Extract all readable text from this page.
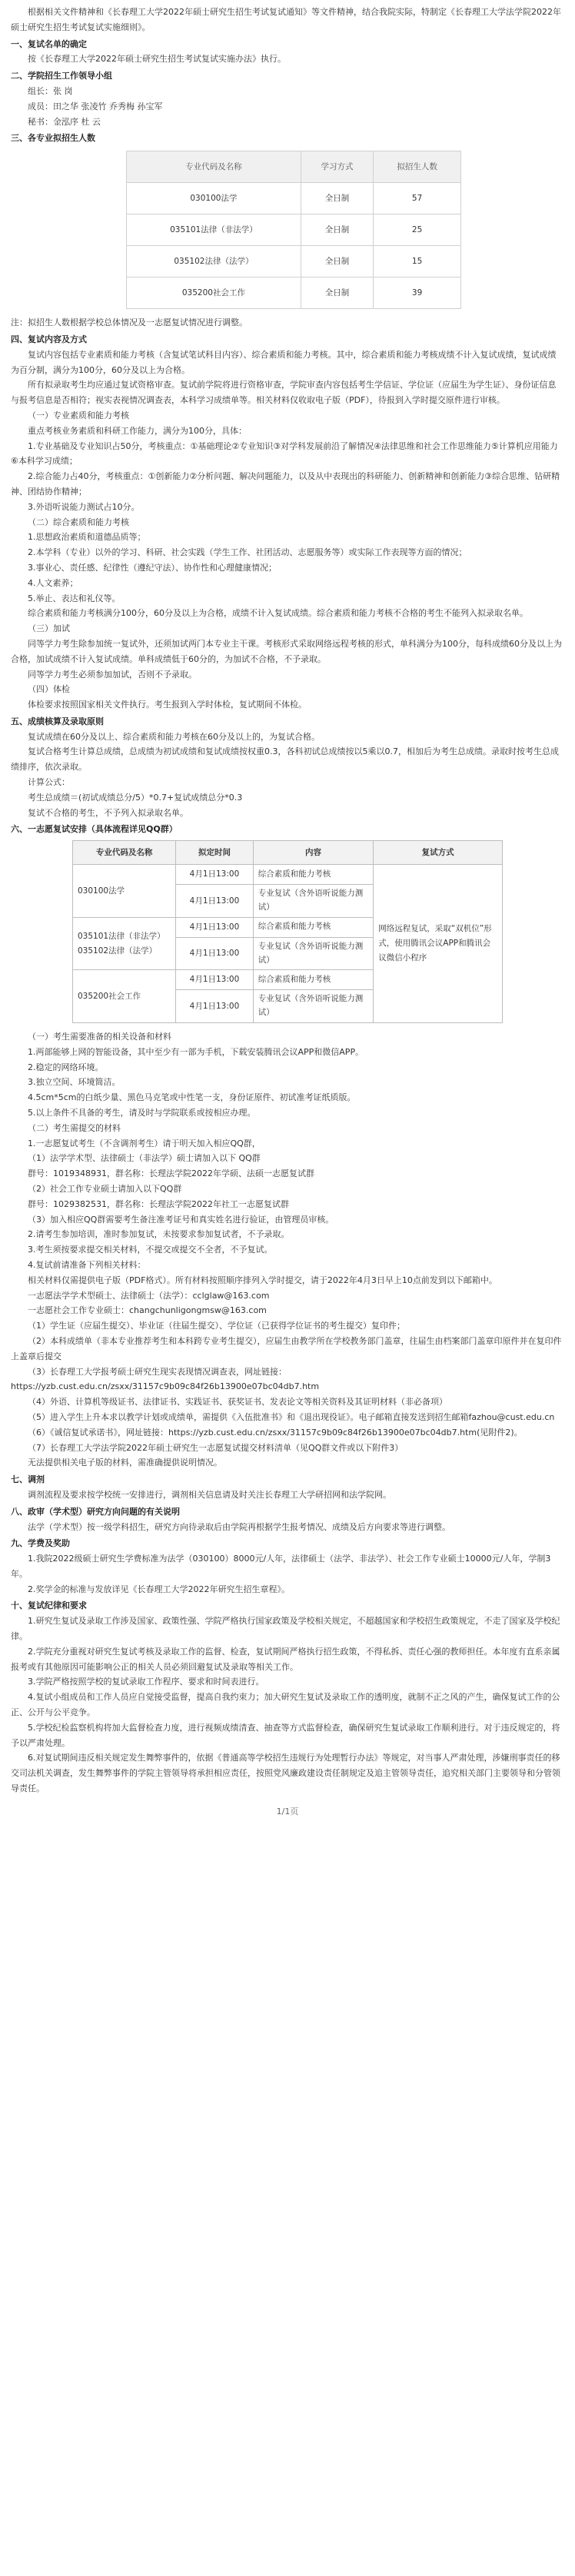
根据相关文件精神和《长春理工大学2022年硕士研究生招生考试复试通知》等文件精神，结合我院实际，特制定《长春理工大学法学院2022年硕士研究生招生考试复试实施细则》。

一、复试名单的确定

按《长春理工大学2022年硕士研究生招生考试复试实施办法》执行。

二、学院招生工作领导小组

组长：张 岗

成员：田之华 张凌竹 乔秀梅 孙宝军

秘书：金泓序 杜 云

三、各专业拟招生人数

专业代码及名称	学习方式	拟招生人数
030100法学	全日制	57
035101法律（非法学）	全日制	25
035102法律（法学）	全日制	15
035200社会工作	全日制	39

注：拟招生人数根据学校总体情况及一志愿复试情况进行调整。

四、复试内容及方式

复试内容包括专业素质和能力考核（含复试笔试科目内容）、综合素质和能力考核。其中，综合素质和能力考核成绩不计入复试成绩，复试成绩为百分制，满分为100分，60分及以上为合格。

所有拟录取考生均应通过复试资格审查。复试前学院将进行资格审查，学院审查内容包括考生学信证、学位证（应届生为学生证）、身份证信息与报考信息是否相符；视实表视情况调查表，本科学习成绩单等。相关材料仅收取电子版（PDF），待报到入学时提交原件进行审核。

（一）专业素质和能力考核

重点考核业务素质和科研工作能力，满分为100分，具体：

1.专业基础及专业知识占50分，考核重点：①基础理论②专业知识③对学科发展前沿了解情况④法律思维和社会工作思维能力⑤计算机应用能力⑥本科学习成绩；

2.综合能力占40分，考核重点：①创新能力②分析问题、解决问题能力，以及从中表现出的科研能力、创新精神和创新能力③综合思维、钻研精神、团结协作精神；

3.外语听说能力测试占10分。

（二）综合素质和能力考核

1.思想政治素质和道德品质等；

2.本学科（专业）以外的学习、科研、社会实践（学生工作、社团活动、志愿服务等）或实际工作表现等方面的情况；

3.事业心、责任感、纪律性（遵纪守法）、协作性和心理健康情况；

4.人文素养；

5.举止、表达和礼仪等。

综合素质和能力考核满分100分，60分及以上为合格，成绩不计入复试成绩。综合素质和能力考核不合格的考生不能列入拟录取名单。

（三）加试

同等学力考生除参加统一复试外，还须加试两门本专业主干课。考核形式采取网络远程考核的形式，单科满分为100分，每科成绩60分及以上为合格，加试成绩不计入复试成绩。单科成绩低于60分的，为加试不合格，不予录取。

同等学力考生必须参加加试，否则不予录取。

（四）体检

体检要求按照国家相关文件执行。考生报到入学时体检，复试期间不体检。

五、成绩核算及录取原则

复试成绩在60分及以上、综合素质和能力考核在60分及以上的，为复试合格。

复试合格考生计算总成绩，总成绩为初试成绩和复试成绩按权重0.3，各科初试总成绩按以5乘以0.7，相加后为考生总成绩。录取时按考生总成绩排序，依次录取。

计算公式：

考生总成绩＝(初试成绩总分/5）*0.7+复试成绩总分*0.3

复试不合格的考生，不予列入拟录取名单。

六、一志愿复试安排（具体流程详见QQ群）

专业代码及名称	拟定时间	内容	复试方式
030100法学	4月1日13:00	综合素质和能力考核	网络远程复试，采取“双机位”形式，使用腾讯会议APP和腾讯会议微信小程序
	4月1日13:00	专业复试（含外语听说能力测试）	
035101法律（非法学）
035102法律（法学）	4月1日13:00	综合素质和能力考核	
	4月1日13:00	专业复试（含外语听说能力测试）	
035200社会工作	4月1日13:00	综合素质和能力考核	
	4月1日13:00	专业复试（含外语听说能力测试）	

（一）考生需要准备的相关设备和材料

1.两部能够上网的智能设备，其中至少有一部为手机，下载安装腾讯会议APP和微信APP。

2.稳定的网络环境。

3.独立空间、环境简洁。

4.5cm*5cm的白纸少量、黑色马克笔或中性笔一支，身份证原件、初试准考证纸质版。

5.以上条件不具备的考生，请及时与学院联系或按相应办理。

（二）考生需提交的材料

1.一志愿复试考生（不含调剂考生）请于明天加入相应QQ群，

（1）法学学术型、法律硕士（非法学）硕士请加入以下 QQ群

群号：1019348931，群名称：长理法学院2022年学硕、法硕一志愿复试群

（2）社会工作专业硕士请加入以下QQ群

群号：1029382531，群名称：长理法学院2022年社工一志愿复试群

（3）加入相应QQ群需要考生备注准考证号和真实姓名进行验证，由管理员审核。

2.请考生参加培训，准时参加复试，未按要求参加复试者，不予录取。

3.考生须按要求提交相关材料，不提交或提交不全者，不予复试。

4.复试前请准备下列相关材料：

相关材料仅需提供电子版（PDF格式）。所有材料按照顺序排列入学时提交，请于2022年4月3日早上10点前发到以下邮箱中。

一志愿法学学术型硕士、法律硕士（法学）：cclglaw@163.com

一志愿社会工作专业硕士：changchunligongmsw@163.com

（1）学生证（应届生提交）、毕业证（往届生提交）、学位证（已获得学位证书的考生提交）复印件；

（2）本科成绩单（非本专业推荐考生和本科跨专业考生提交），应届生由教学所在学校教务部门盖章，往届生由档案部门盖章印原件并在复印件上盖章后提交

（3）长春理工大学报考硕士研究生现实表现情况调查表，网址链接：https://yzb.cust.edu.cn/zsxx/31157c9b09c84f26b13900e07bc04db7.htm

（4）外语、计算机等级证书、法律证书、实践证书、获奖证书、发表论文等相关资料及其证明材料（非必备项）

（5）进入学生上升本求以教学计划或成绩单，需提供《入伍批准书》和《退出现役证》。电子邮箱直接发送到招生邮箱fazhou@cust.edu.cn

（6）《诚信复试承诺书》，网址链接：https://yzb.cust.edu.cn/zsxx/31157c9b09c84f26b13900e07bc04db7.htm(见附件2)。

（7）长春理工大学法学院2022年硕士研究生一志愿复试提交材料清单（见QQ群文件或以下附件3）

无法提供相关电子版的材料，需准确提供说明情况。

七、调剂

调剂流程及要求按学校统一安排进行，调剂相关信息请及时关注长春理工大学研招网和法学院网。

八、政审（学术型）研究方向问题的有关说明

法学（学术型）按一级学科招生，研究方向待录取后由学院再根据学生报考情况、成绩及后方向要求等进行调整。

九、学费及奖助

1.我院2022级硕士研究生学费标准为法学（030100）8000元/人年，法律硕士（法学、非法学）、社会工作专业硕士10000元/人年，学制3年。

2.奖学金的标准与发放详见《长春理工大学2022年研究生招生章程》。

十、复试纪律和要求

1.研究生复试及录取工作涉及国家、政策性强、学院严格执行国家政策及学校相关规定，不超越国家和学校招生政策规定，不走了国家及学校纪律。

2.学院充分重视对研究生复试考核及录取工作的监督、检查，复试期间严格执行招生政策，不得私拆、责任心强的教师担任。本年度有直系亲属报考或有其他原因可能影响公正的相关人员必须回避复试及录取等相关工作。

3.学院严格按照学校的复试录取工作程序、要求和时间表进行。

4.复试小组成员和工作人员应自觉接受监督，提高自我约束力；加大研究生复试及录取工作的透明度，就制不正之风的产生，确保复试工作的公正、公开与公平竞争。

5.学校纪检监察机构将加大监督检查力度，进行视频成绩清查、抽查等方式监督检查，确保研究生复试录取工作顺利进行。对于违反规定的，将予以严肃处理。

6.对复试期间违反相关规定发生舞弊事件的，依据《普通高等学校招生违规行为处理暂行办法》等规定，对当事人严肃处理，涉嫌刑事责任的移交司法机关调查，发生舞弊事件的学院主管领导将承担相应责任，按照党风廉政建设责任制规定及追主管领导责任，追究相关部门主要领导和分管领导责任。

1/1页
